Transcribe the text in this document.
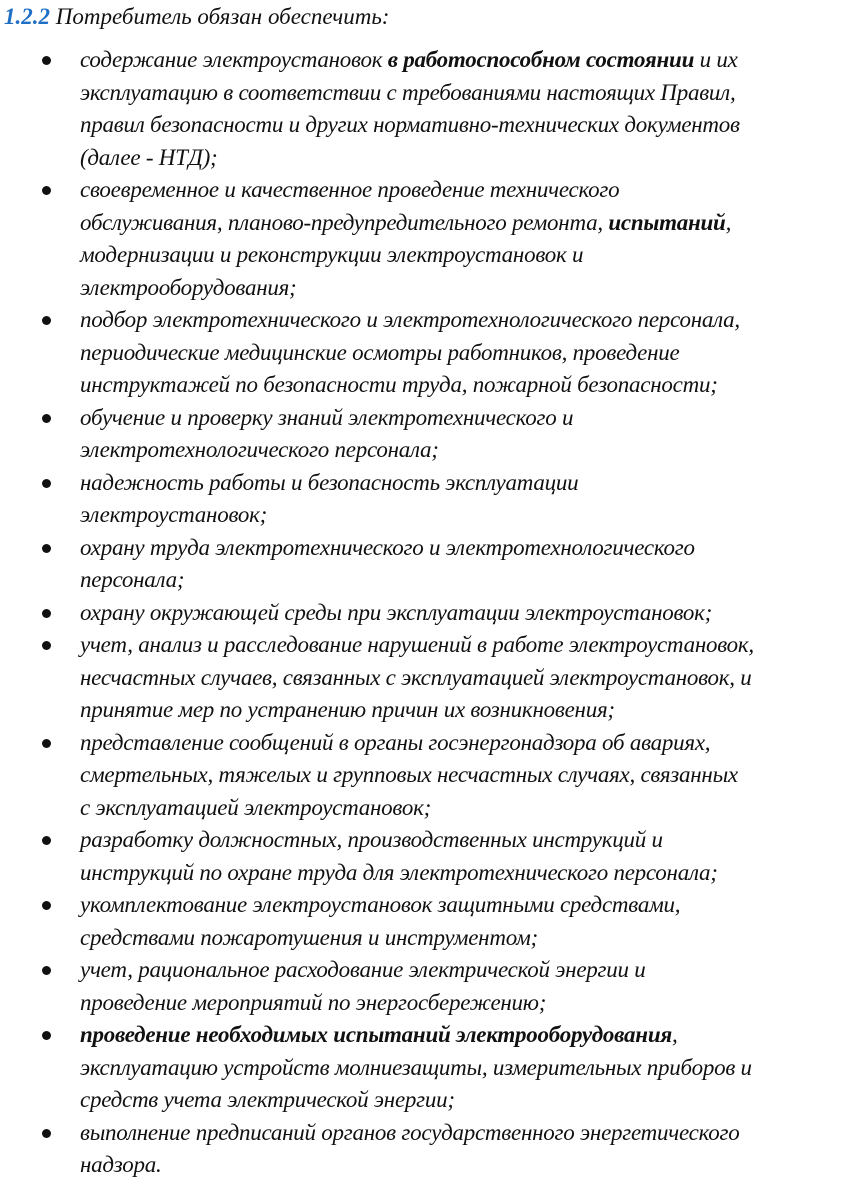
1.2.2 Потребитель обязан обеспечить:
содержание электроустановок в работоспособном состоянии и их
эксплуатацию в соответствии с требованиями настоящих Правил,
правил безопасности и других нормативно-технических документов
(далее - НТД);
своевременное и качественное проведение технического
обслуживания, планово-предупредительного ремонта, испытаний,
модернизации и реконструкции электроустановок и
электрооборудования;
подбор электротехнического и электротехнологического персонала,
периодические медицинские осмотры работников, проведение
инструктажей по безопасности труда, пожарной безопасности;
обучение и проверку знаний электротехнического и
электротехнологического персонала;
надежность работы и безопасность эксплуатации
электроустановок;
охрану труда электротехнического и электротехнологического
персонала;
охрану окружающей среды при эксплуатации электроустановок;
учет, анализ и расследование нарушений в работе электроустановок,
несчастных случаев, связанных с эксплуатацией электроустановок, и
принятие мер по устранению причин их возникновения;
представление сообщений в органы госэнергонадзора об авариях,
смертельных, тяжелых и групповых несчастных случаях, связанных
с эксплуатацией электроустановок;
разработку должностных, производственных инструкций и
инструкций по охране труда для электротехнического персонала;
укомплектование электроустановок защитными средствами,
средствами пожаротушения и инструментом;
учет, рациональное расходование электрической энергии и
проведение мероприятий по энергосбережению;
проведение необходимых испытаний электрооборудования,
эксплуатацию устройств молниезащиты, измерительных приборов и
средств учета электрической энергии;
выполнение предписаний органов государственного энергетического
надзора.
